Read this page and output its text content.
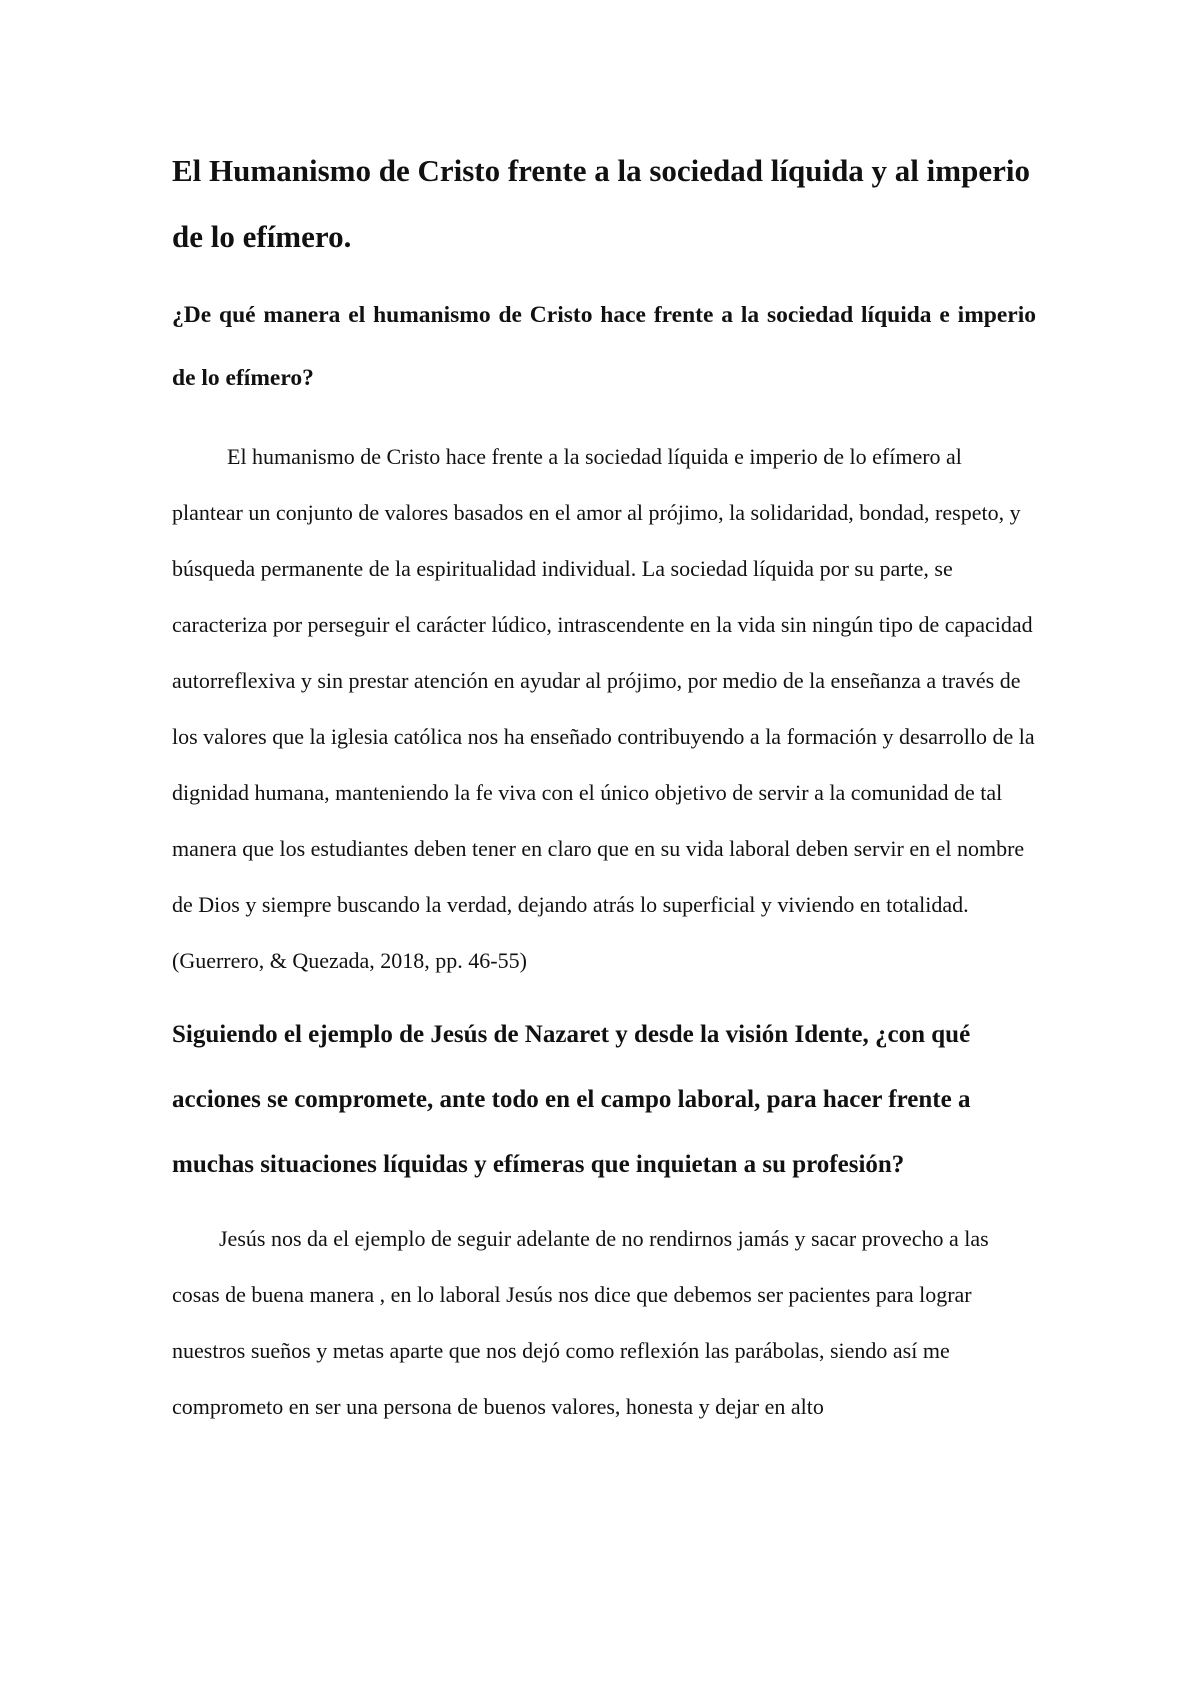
El Humanismo de Cristo frente a la sociedad líquida y al imperio de lo efímero.
¿De qué manera el humanismo de Cristo hace frente a la sociedad líquida e imperio de lo efímero?

El humanismo de Cristo hace frente a la sociedad líquida e imperio de lo efímero al plantear un conjunto de valores basados en el amor al prójimo, la solidaridad, bondad, respeto, y búsqueda permanente de la espiritualidad individual. La sociedad líquida por su parte, se caracteriza por perseguir el carácter lúdico, intrascendente en la vida sin ningún tipo de capacidad autorreflexiva y sin prestar atención en ayudar al prójimo, por medio de la enseñanza a través de los valores que la iglesia católica nos ha enseñado contribuyendo a la formación y desarrollo de la dignidad humana, manteniendo la fe viva con el único objetivo de servir a la comunidad de tal manera que los estudiantes deben tener en claro que en su vida laboral deben servir en el nombre de Dios y siempre buscando la verdad, dejando atrás lo superficial y viviendo en totalidad. (Guerrero, & Quezada, 2018, pp. 46-55)

Siguiendo el ejemplo de Jesús de Nazaret y desde la visión Idente, ¿con qué acciones se compromete, ante todo en el campo laboral, para hacer frente a muchas situaciones líquidas y efímeras que inquietan a su profesión?

Jesús nos da el ejemplo de seguir adelante de no rendirnos jamás y sacar provecho a las cosas de buena manera , en lo laboral Jesús nos dice que debemos ser pacientes para lograr nuestros sueños y metas aparte que nos dejó como reflexión las parábolas, siendo así me comprometo en ser una persona de buenos valores, honesta y dejar en alto
